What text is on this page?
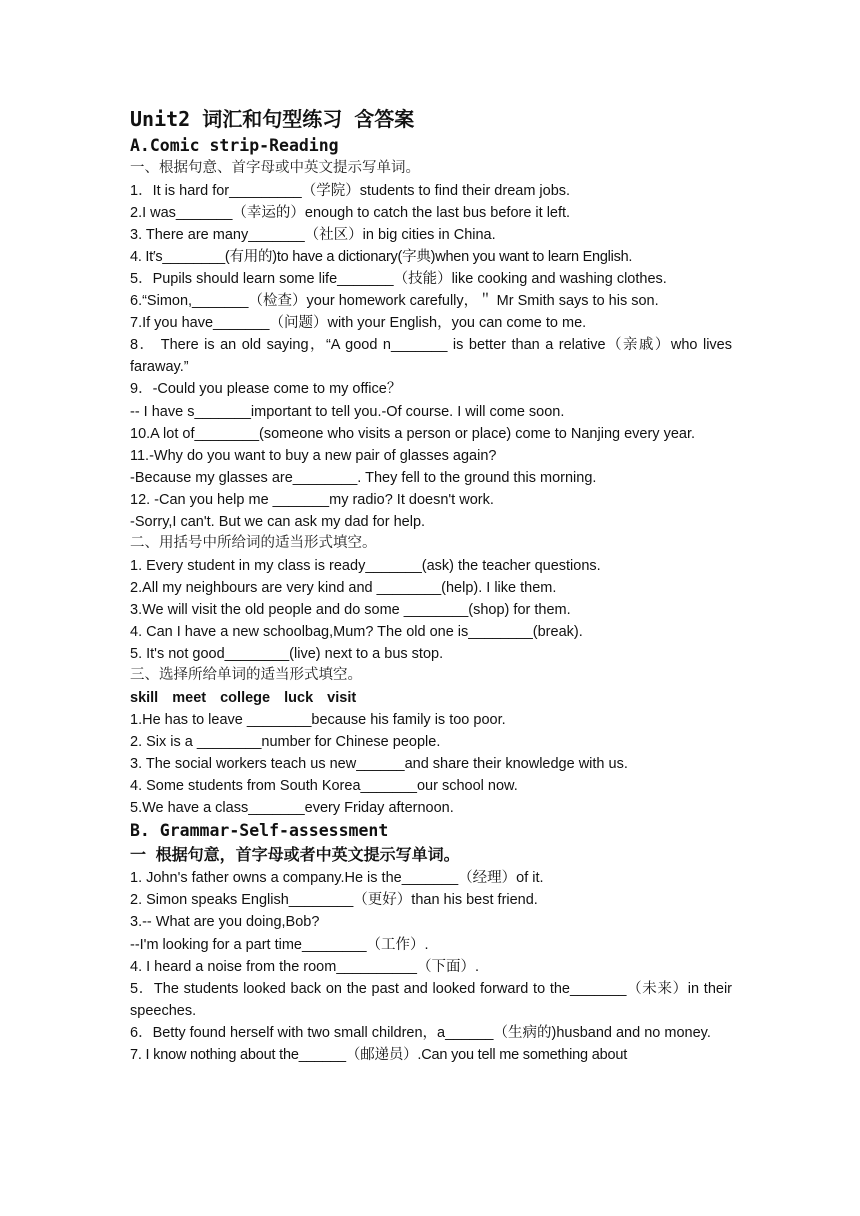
Unit2 词汇和句型练习 含答案
A.Comic strip-Reading

一、根据句意、首字母或中英文提示写单词。

1．It is hard for_________（学院）students to find their dream jobs.

2.I was_______（幸运的）enough to catch the last bus before it left.

3. There are many_______（社区）in big cities in China.

4. It′s________(有用的)to have a dictionary(字典)when you want to learn English.

5．Pupils should learn some life_______（技能）like cooking and washing clothes.

6.“Simon,_______（检查）your homework carefully，＂ Mr Smith says to his son.

7.If you have_______（问题）with your English，you can come to me.

8． There is an old saying，“A good n_______ is better than a relative（亲戚）who lives faraway.”

9．-Could you please come to my office？

-- I have s_______important to tell you.-Of course. I will come soon.

10.A lot of________(someone who visits a person or place) come to Nanjing every year.

11.-Why do you want to buy a new pair of glasses again?

-Because my glasses are________. They fell to the ground this morning.

12. -Can you help me _______my radio? It doesn't work.

-Sorry,I can't. But we can ask my dad for help.

二、用括号中所给词的适当形式填空。

1. Every student in my class is ready_______(ask) the teacher questions.

2.All my neighbours are very kind and ________(help). I like them.

3.We will visit the old people and do some ________(shop) for them.

4. Can I have a new schoolbag,Mum? The old one is________(break).

5. It's not good________(live) next to a bus stop.

三、选择所给单词的适当形式填空。

skill meet college luck visit

1.He has to leave ________because his family is too poor.

2. Six is a ________number for Chinese people.

3. The social workers teach us new______and share their knowledge with us.

4. Some students from South Korea_______our school now.

5.We have a class_______every Friday afternoon.

B. Grammar-Self-assessment

一 根据句意，首字母或者中英文提示写单词。

1. John's father owns a company.He is the_______（经理）of it.

2. Simon speaks English________（更好）than his best friend.

3.-- What are you doing,Bob?

--I'm looking for a part time________（工作）.

4. I heard a noise from the room__________（下面）.

5．The students looked back on the past and looked forward to the_______（未来）in their speeches.

6．Betty found herself with two small children，a______（生病的)husband and no money.

7. I know nothing about the______（邮递员）.Can you tell me something about
